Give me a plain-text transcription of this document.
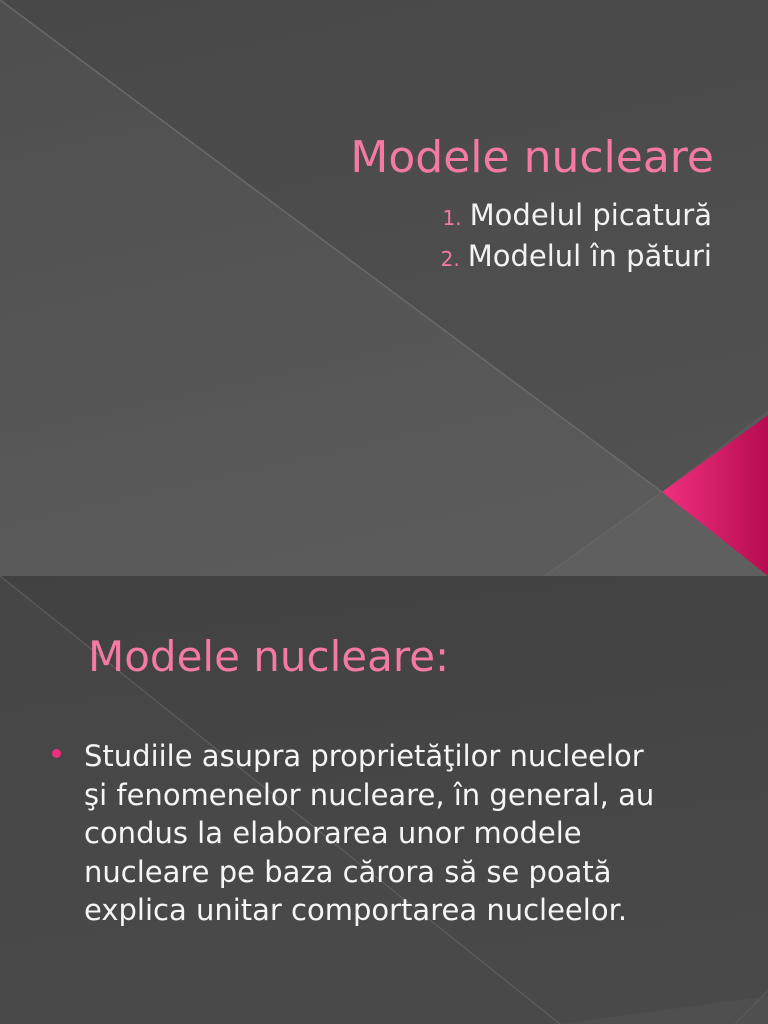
Modele nucleare
1. Modelul picatură
2. Modelul în pături
Modele nucleare:
Studiile asupra proprietăţilor nucleelor
şi fenomenelor nucleare, în general, au
condus la elaborarea unor modele
nucleare pe baza cărora să se poată
explica unitar comportarea nucleelor.
